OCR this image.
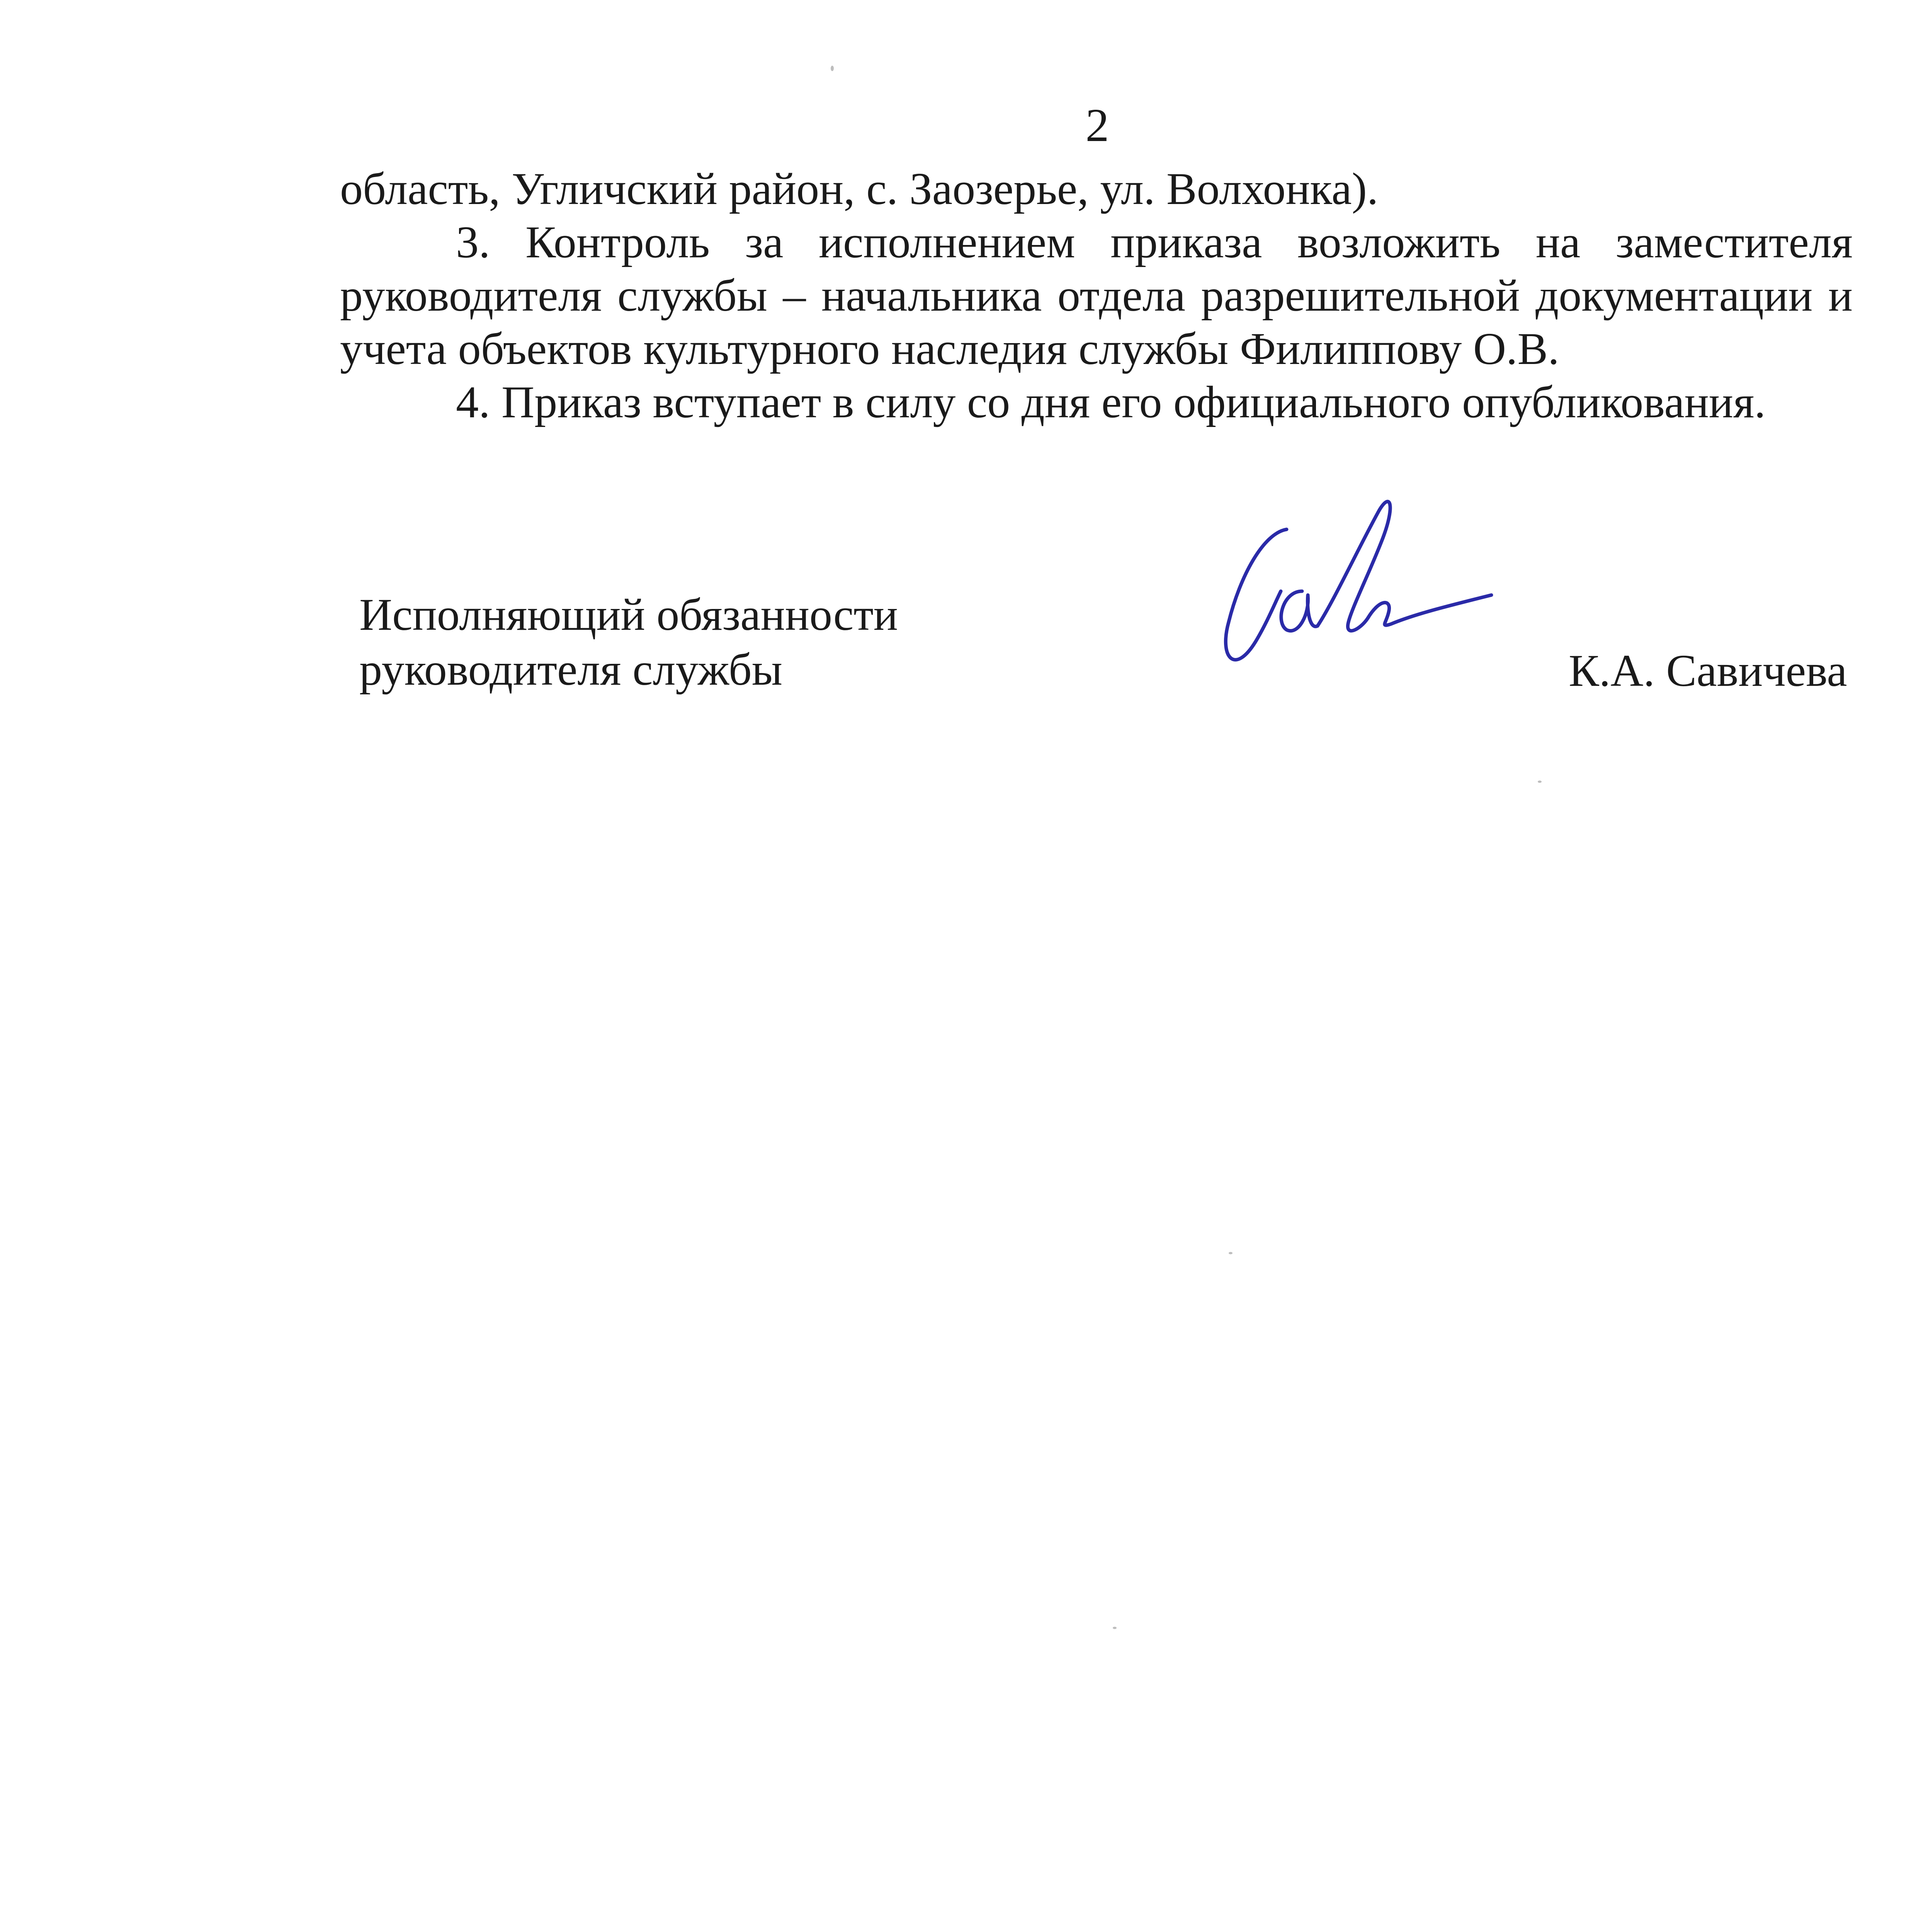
2

область, Угличский район, с. Заозерье, ул. Волхонка).

3. Контроль за исполнением приказа возложить на заместителя руководителя службы – начальника отдела разрешительной документации и учета объектов культурного наследия службы Филиппову О.В.

4. Приказ вступает в силу со дня его официального опубликования.

Исполняющий обязанности
руководителя службы	К.А. Савичева
